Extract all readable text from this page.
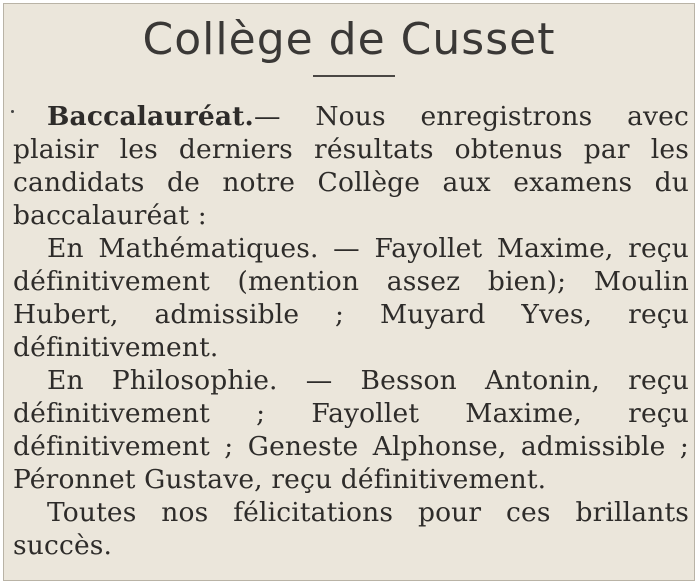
Collège de Cusset

Baccalauréat.— Nous enregistrons avec plaisir les derniers résultats obtenus par les candidats de notre Collège aux examens du baccalauréat :

En Mathématiques. — Fayollet Maxime, reçu définitivement (mention assez bien); Moulin Hubert, admissible ; Muyard Yves, reçu définitivement.

En Philosophie. — Besson Antonin, reçu définitivement ; Fayollet Maxime, reçu définitivement ; Geneste Alphonse, admissible ; Péronnet Gustave, reçu définitivement.

Toutes nos félicitations pour ces brillants succès.
